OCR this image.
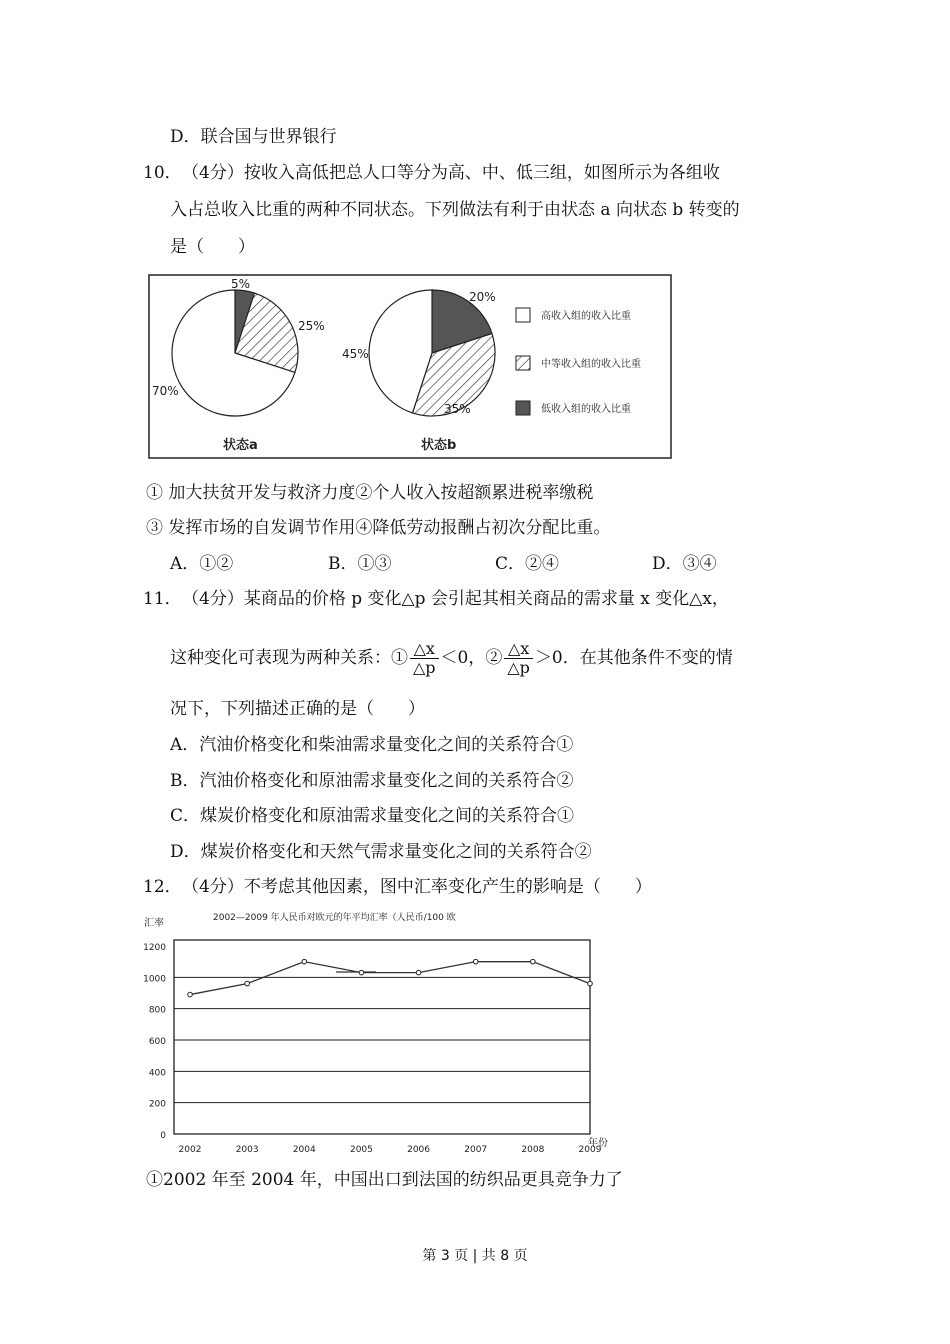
D．联合国与世界银行
10． （4分）按收入高低把总人口等分为高、中、低三组，如图所示为各组收
入占总收入比重的两种不同状态。下列做法有利于由状态 a 向状态 b 转变的
是（　　）
5%
25%
70%
20%
35%
45%
状态a	状态b
高收入组的收入比重
中等收入组的收入比重
低收入组的收入比重
① 加大扶贫开发与救济力度②个人收入按超额累进税率缴税
③ 发挥市场的自发调节作用④降低劳动报酬占初次分配比重。
A．①②	B．①③	C．②④	D．③④
11． （4分）某商品的价格 p 变化△p 会引起其相关商品的需求量 x 变化△x，
这种变化可表现为两种关系：① $\frac{\triangle x}{\triangle p} <0$，② $\frac{\triangle x}{\triangle p} >0$．在其他条件不变的情
况下，下列描述正确的是（　　）
A．汽油价格变化和柴油需求量变化之间的关系符合①
B．汽油价格变化和原油需求量变化之间的关系符合②
C．煤炭价格变化和原油需求量变化之间的关系符合①
D．煤炭价格变化和天然气需求量变化之间的关系符合②
12． （4分）不考虑其他因素，图中汇率变化产生的影响是（　　）
2002—2009 年人民币对欧元的年平均汇率（人民币/100 欧
汇率
1200
1000
800
600
400
200
0
2002	2003	2004	2005	2006	2007	2008	2009
年份
①2002 年至 2004 年，中国出口到法国的纺织品更具竞争力了
第 3 页 | 共 8 页
